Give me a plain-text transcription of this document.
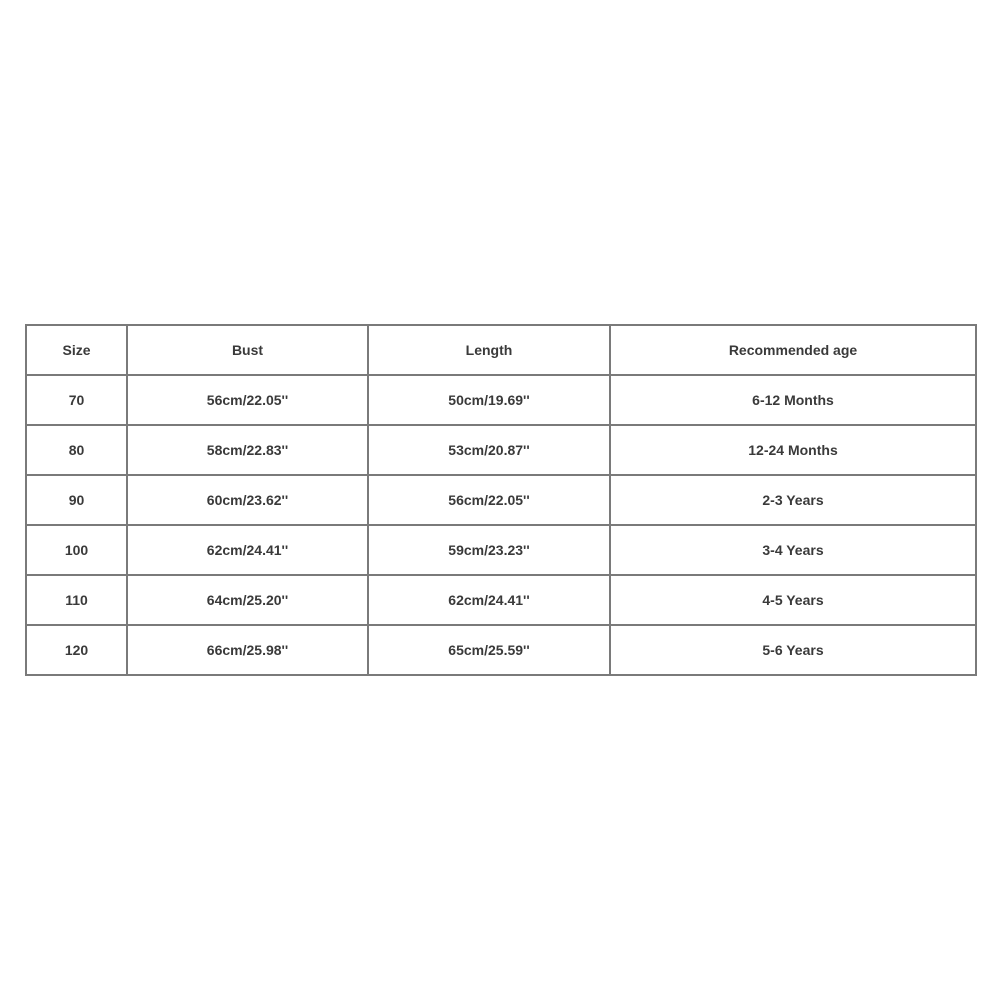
Size	Bust	Length	Recommended age
70	56cm/22.05''	50cm/19.69''	6-12 Months
80	58cm/22.83''	53cm/20.87''	12-24 Months
90	60cm/23.62''	56cm/22.05''	2-3 Years
100	62cm/24.41''	59cm/23.23''	3-4 Years
110	64cm/25.20''	62cm/24.41''	4-5 Years
120	66cm/25.98''	65cm/25.59''	5-6 Years
